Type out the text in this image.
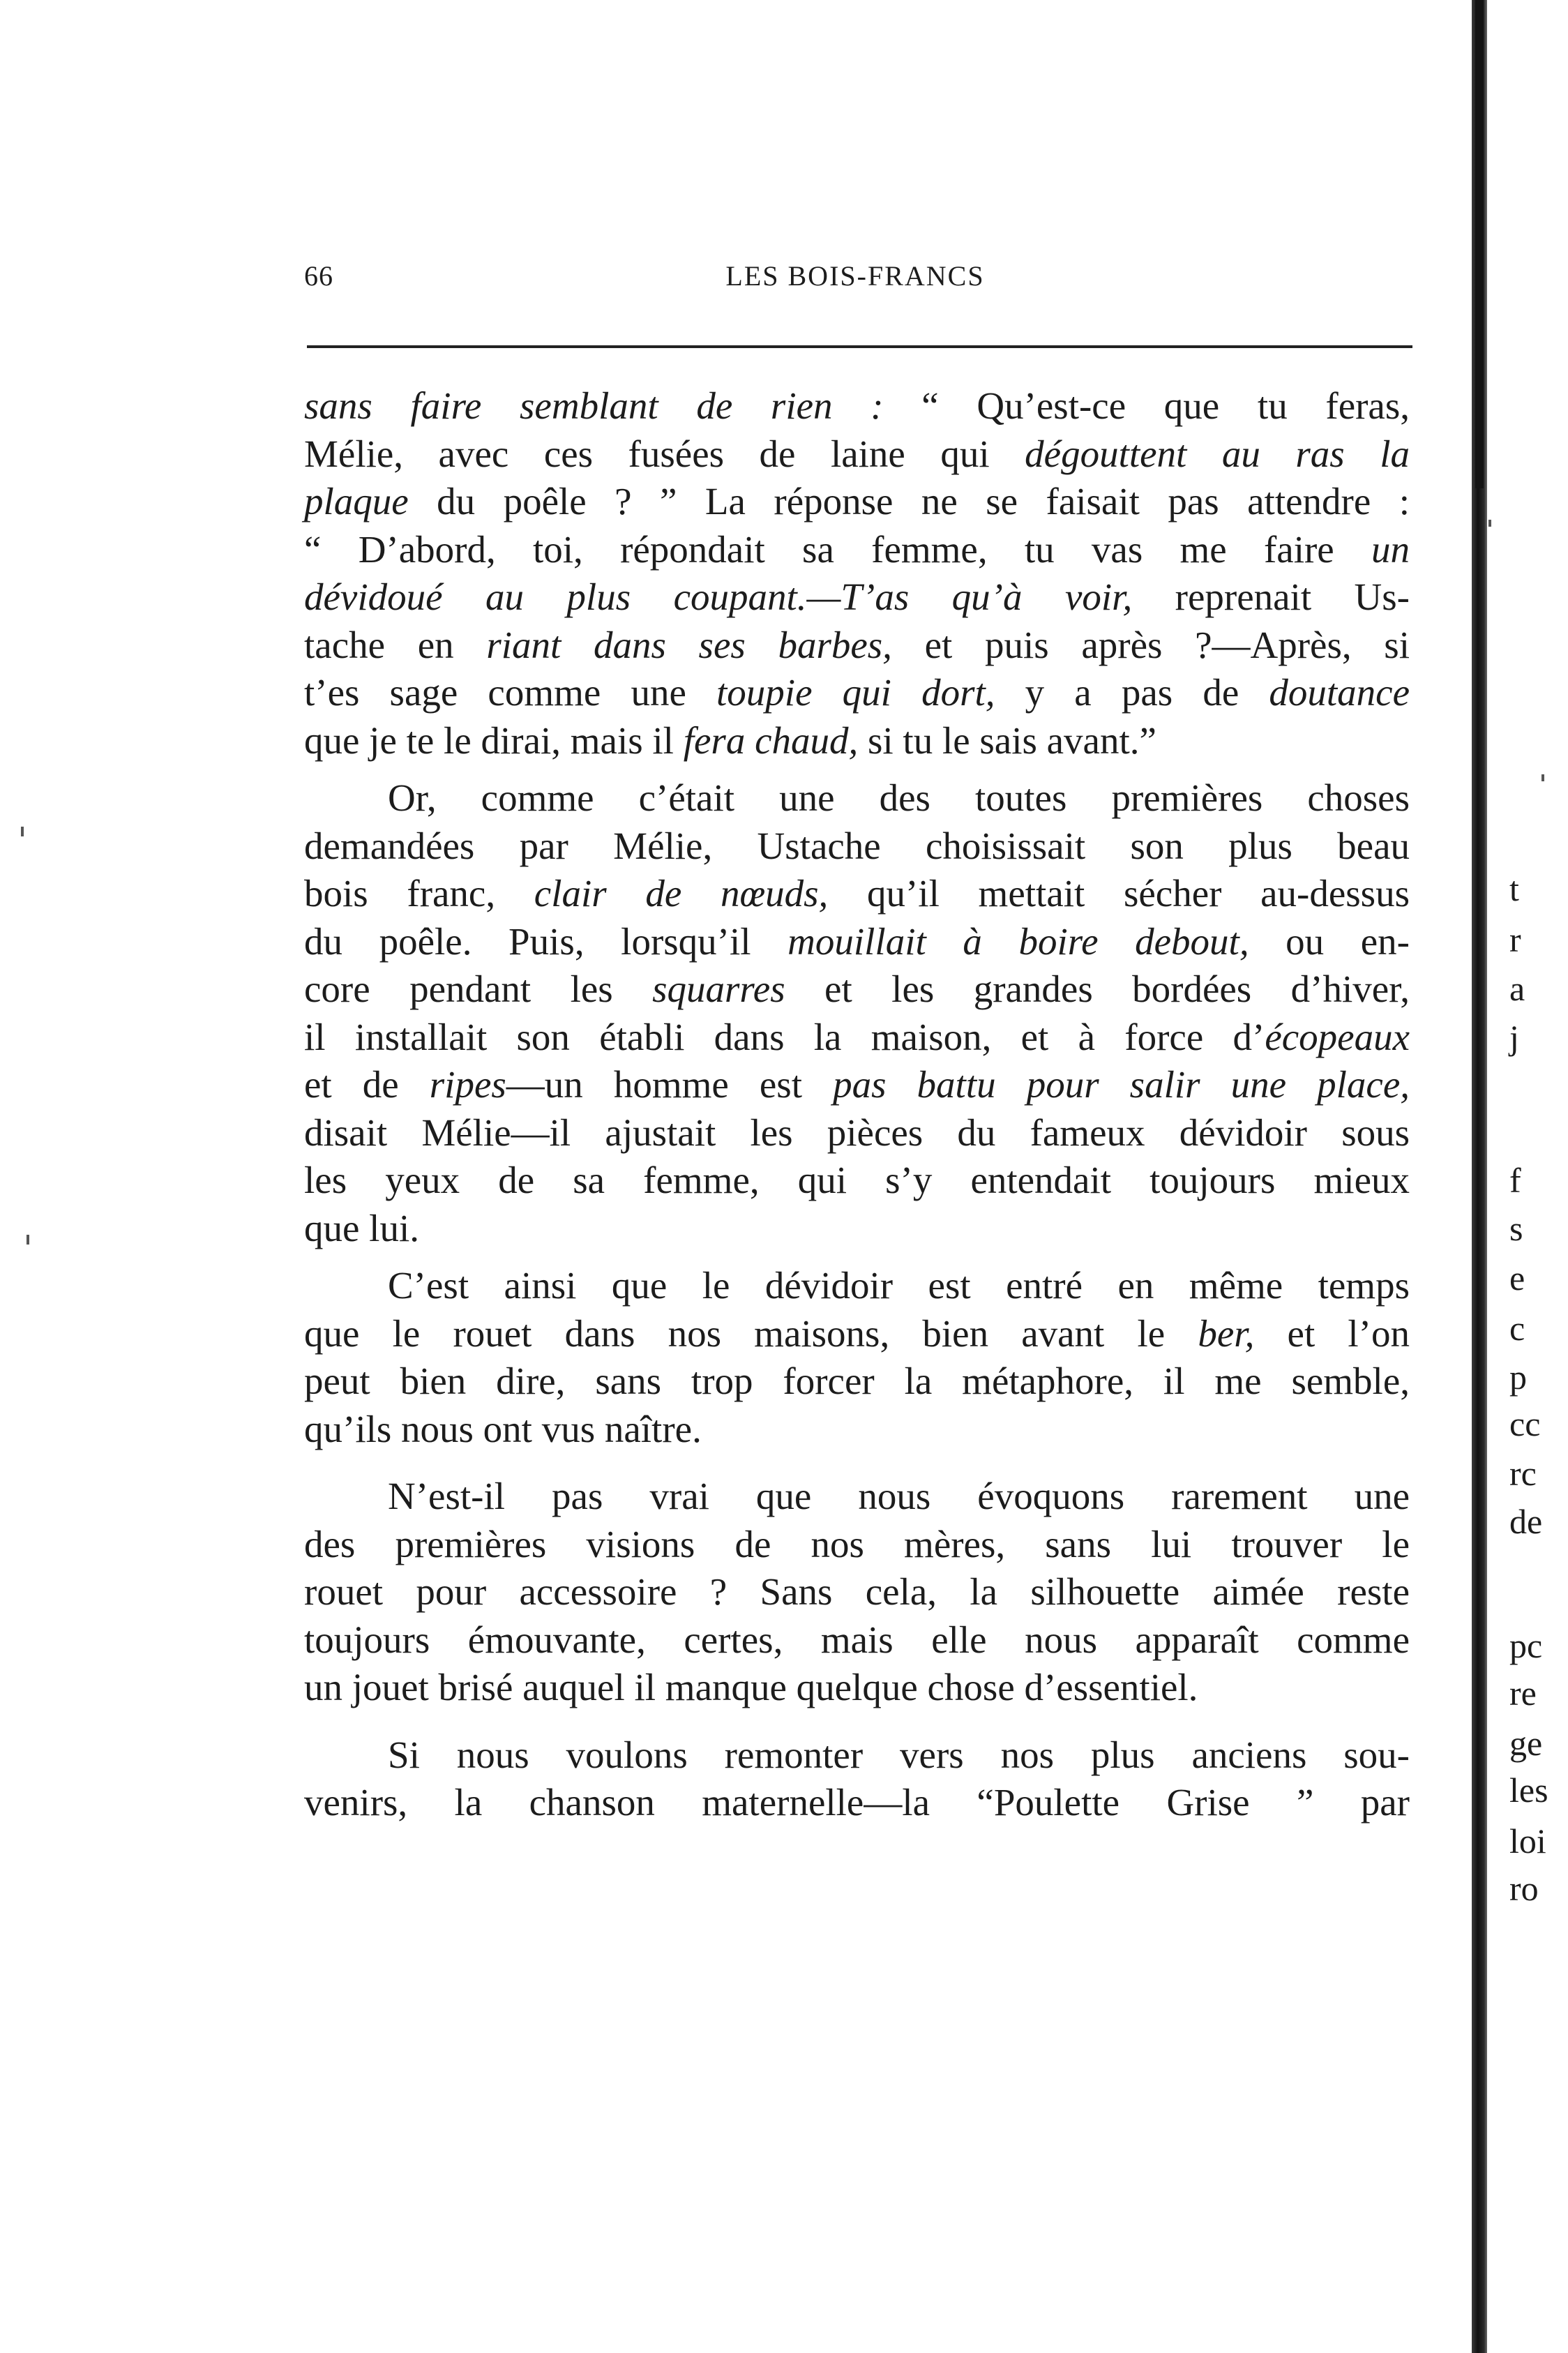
66	LES BOIS-FRANCS
sans faire semblant de rien : “ Qu’est-ce que tu feras,
Mélie, avec ces fusées de laine qui dégouttent au ras la
plaque du poêle ? ” La réponse ne se faisait pas attendre :
“ D’abord, toi, répondait sa femme, tu vas me faire un
dévidoué au plus coupant.—T’as qu’à voir, reprenait Us-
tache en riant dans ses barbes, et puis après ?—Après, si
t’es sage comme une toupie qui dort, y a pas de doutance
que je te le dirai, mais il fera chaud, si tu le sais avant.”
Or, comme c’était une des toutes premières choses
demandées par Mélie, Ustache choisissait son plus beau
bois franc, clair de nœuds, qu’il mettait sécher au-dessus
du poêle. Puis, lorsqu’il mouillait à boire debout, ou en-
core pendant les squarres et les grandes bordées d’hiver,
il installait son établi dans la maison, et à force d’écopeaux
et de ripes—un homme est pas battu pour salir une place,
disait Mélie—il ajustait les pièces du fameux dévidoir sous
les yeux de sa femme, qui s’y entendait toujours mieux
que lui.
C’est ainsi que le dévidoir est entré en même temps
que le rouet dans nos maisons, bien avant le ber, et l’on
peut bien dire, sans trop forcer la métaphore, il me semble,
qu’ils nous ont vus naître.
N’est-il pas vrai que nous évoquons rarement une
des premières visions de nos mères, sans lui trouver le
rouet pour accessoire ? Sans cela, la silhouette aimée reste
toujours émouvante, certes, mais elle nous apparaît comme
un jouet brisé auquel il manque quelque chose d’essentiel.
Si nous voulons remonter vers nos plus anciens sou-
venirs, la chanson maternelle—la “Poulette Grise ” par
t
r
a
j
f
s
e
c
p
cc
rc
de
pc
re
ge
les
loi
ro
